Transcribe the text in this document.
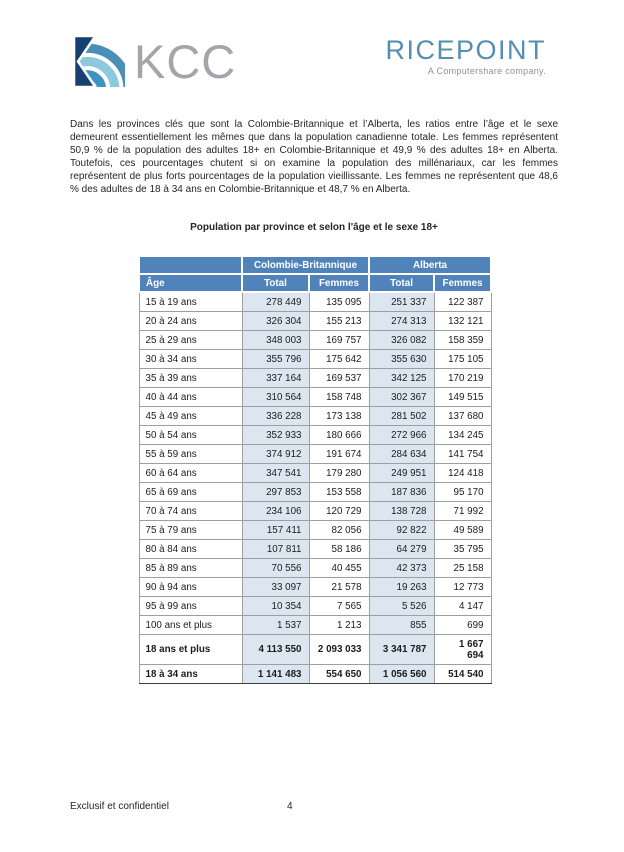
KCC	RICEPOINT
A Computershare company.

Dans les provinces clés que sont la Colombie-Britannique et l’Alberta, les ratios entre l’âge et le sexe demeurent essentiellement les mêmes que dans la population canadienne totale. Les femmes représentent 50,9 % de la population des adultes 18+ en Colombie-Britannique et 49,9 % des adultes 18+ en Alberta. Toutefois, ces pourcentages chutent si on examine la population des millénariaux, car les femmes représentent de plus forts pourcentages de la population vieillissante. Les femmes ne représentent que 48,6 % des adultes de 18 à 34 ans en Colombie-Britannique et 48,7 % en Alberta.

Population par province et selon l'âge et le sexe 18+
	Colombie-Britannique		Alberta	
Âge	Total	Femmes	Total	Femmes
15 à 19 ans	278 449	135 095	251 337	122 387
20 à 24 ans	326 304	155 213	274 313	132 121
25 à 29 ans	348 003	169 757	326 082	158 359
30 à 34 ans	355 796	175 642	355 630	175 105
35 à 39 ans	337 164	169 537	342 125	170 219
40 à 44 ans	310 564	158 748	302 367	149 515
45 à 49 ans	336 228	173 138	281 502	137 680
50 à 54 ans	352 933	180 666	272 966	134 245
55 à 59 ans	374 912	191 674	284 634	141 754
60 à 64 ans	347 541	179 280	249 951	124 418
65 à 69 ans	297 853	153 558	187 836	95 170
70 à 74 ans	234 106	120 729	138 728	71 992
75 à 79 ans	157 411	82 056	92 822	49 589
80 à 84 ans	107 811	58 186	64 279	35 795
85 à 89 ans	70 556	40 455	42 373	25 158
90 à 94 ans	33 097	21 578	19 263	12 773
95 à 99 ans	10 354	7 565	5 526	4 147
100 ans et plus	1 537	1 213	855	699
18 ans et plus	4 113 550	2 093 033	3 341 787	1 667 694
18 à 34 ans	1 141 483	554 650	1 056 560	514 540
Exclusif et confidentiel	4
